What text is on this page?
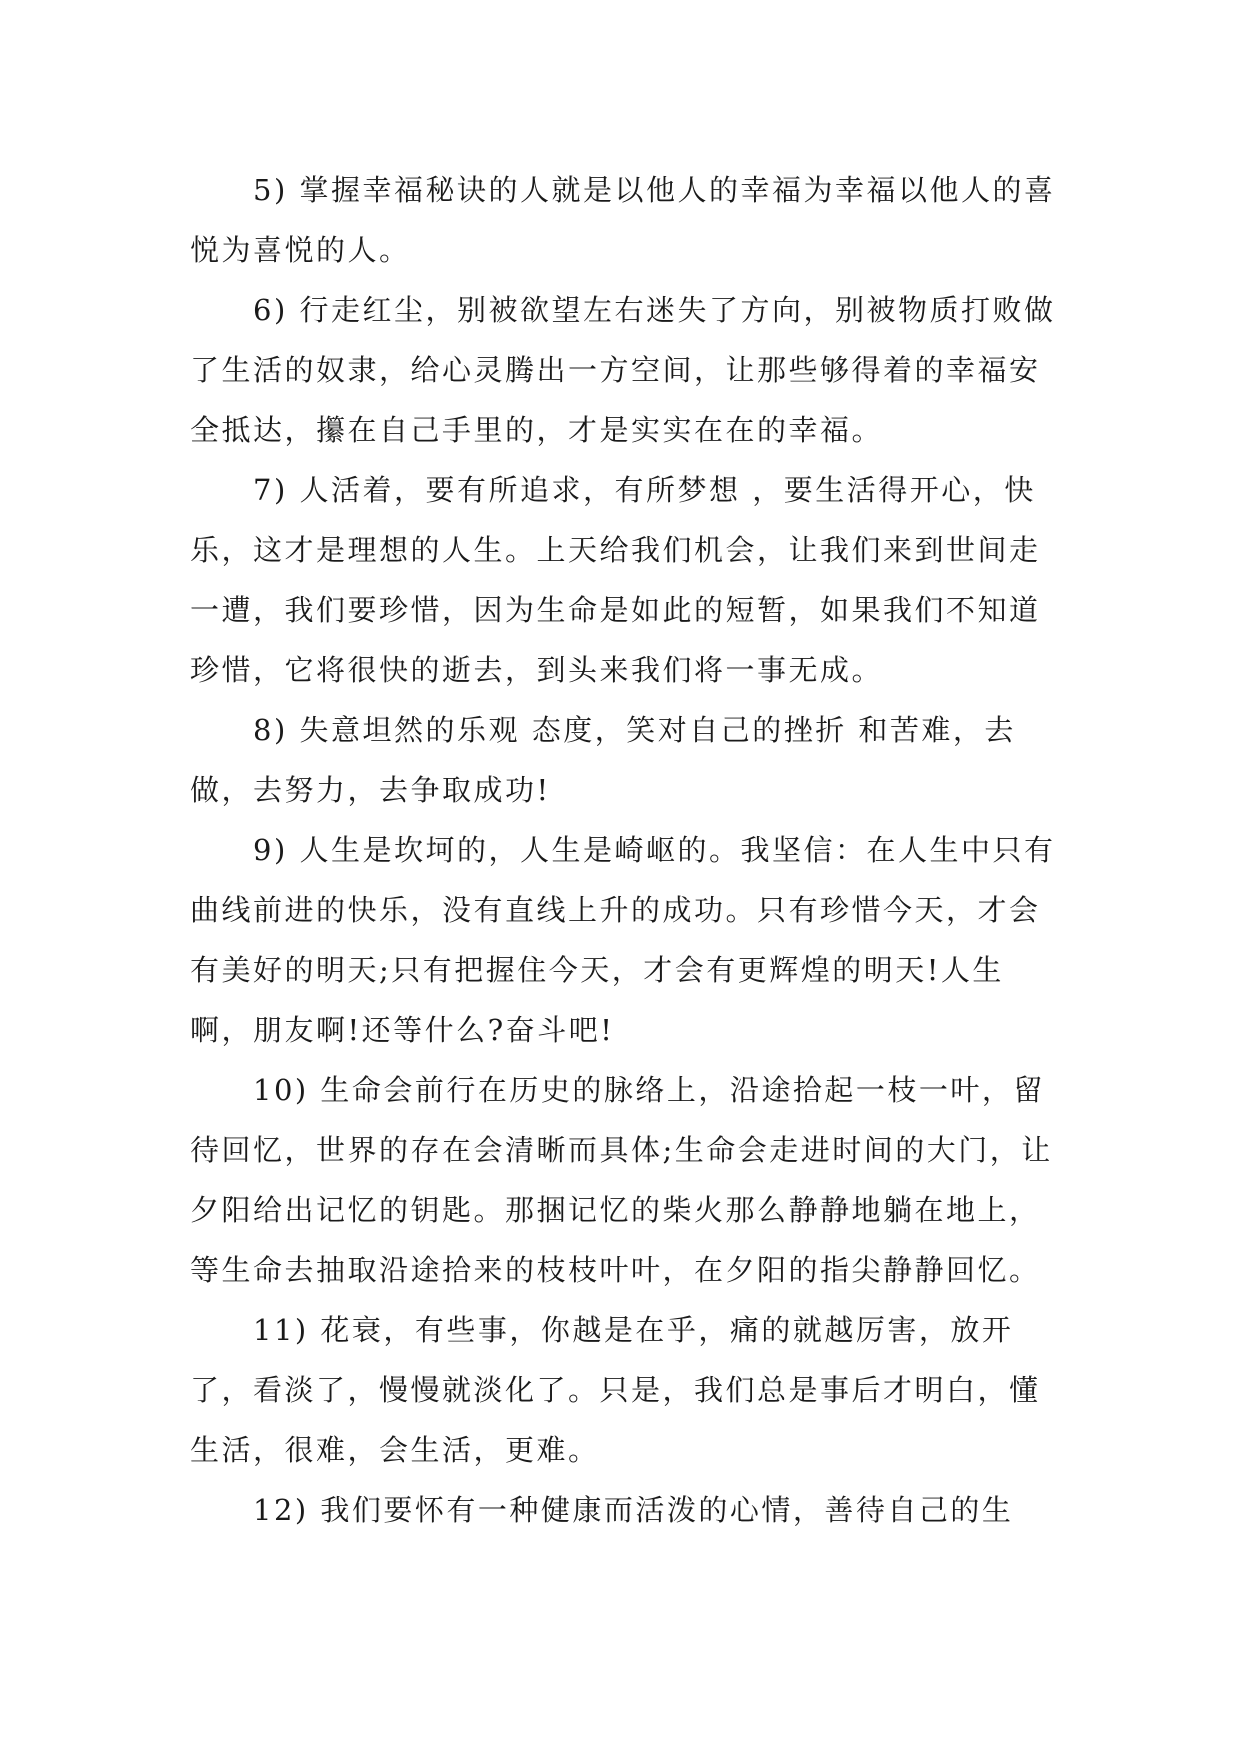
5) 掌握幸福秘诀的人就是以他人的幸福为幸福以他人的喜悦为喜悦的人。

6) 行走红尘，别被欲望左右迷失了方向，别被物质打败做了生活的奴隶，给心灵腾出一方空间，让那些够得着的幸福安全抵达，攥在自己手里的，才是实实在在的幸福。

7) 人活着，要有所追求，有所梦想 ，要生活得开心，快乐，这才是理想的人生。上天给我们机会，让我们来到世间走一遭，我们要珍惜，因为生命是如此的短暂，如果我们不知道珍惜，它将很快的逝去，到头来我们将一事无成。

8) 失意坦然的乐观 态度，笑对自己的挫折 和苦难，去做，去努力，去争取成功!

9) 人生是坎坷的，人生是崎岖的。我坚信：在人生中只有曲线前进的快乐，没有直线上升的成功。只有珍惜今天，才会有美好的明天;只有把握住今天，才会有更辉煌的明天!人生啊，朋友啊!还等什么?奋斗吧!

10) 生命会前行在历史的脉络上，沿途拾起一枝一叶，留待回忆，世界的存在会清晰而具体;生命会走进时间的大门，让夕阳给出记忆的钥匙。那捆记忆的柴火那么静静地躺在地上，等生命去抽取沿途拾来的枝枝叶叶，在夕阳的指尖静静回忆。

11) 花衰，有些事，你越是在乎，痛的就越厉害，放开了，看淡了，慢慢就淡化了。只是，我们总是事后才明白，懂生活，很难，会生活，更难。

12) 我们要怀有一种健康而活泼的心情，善待自己的生
